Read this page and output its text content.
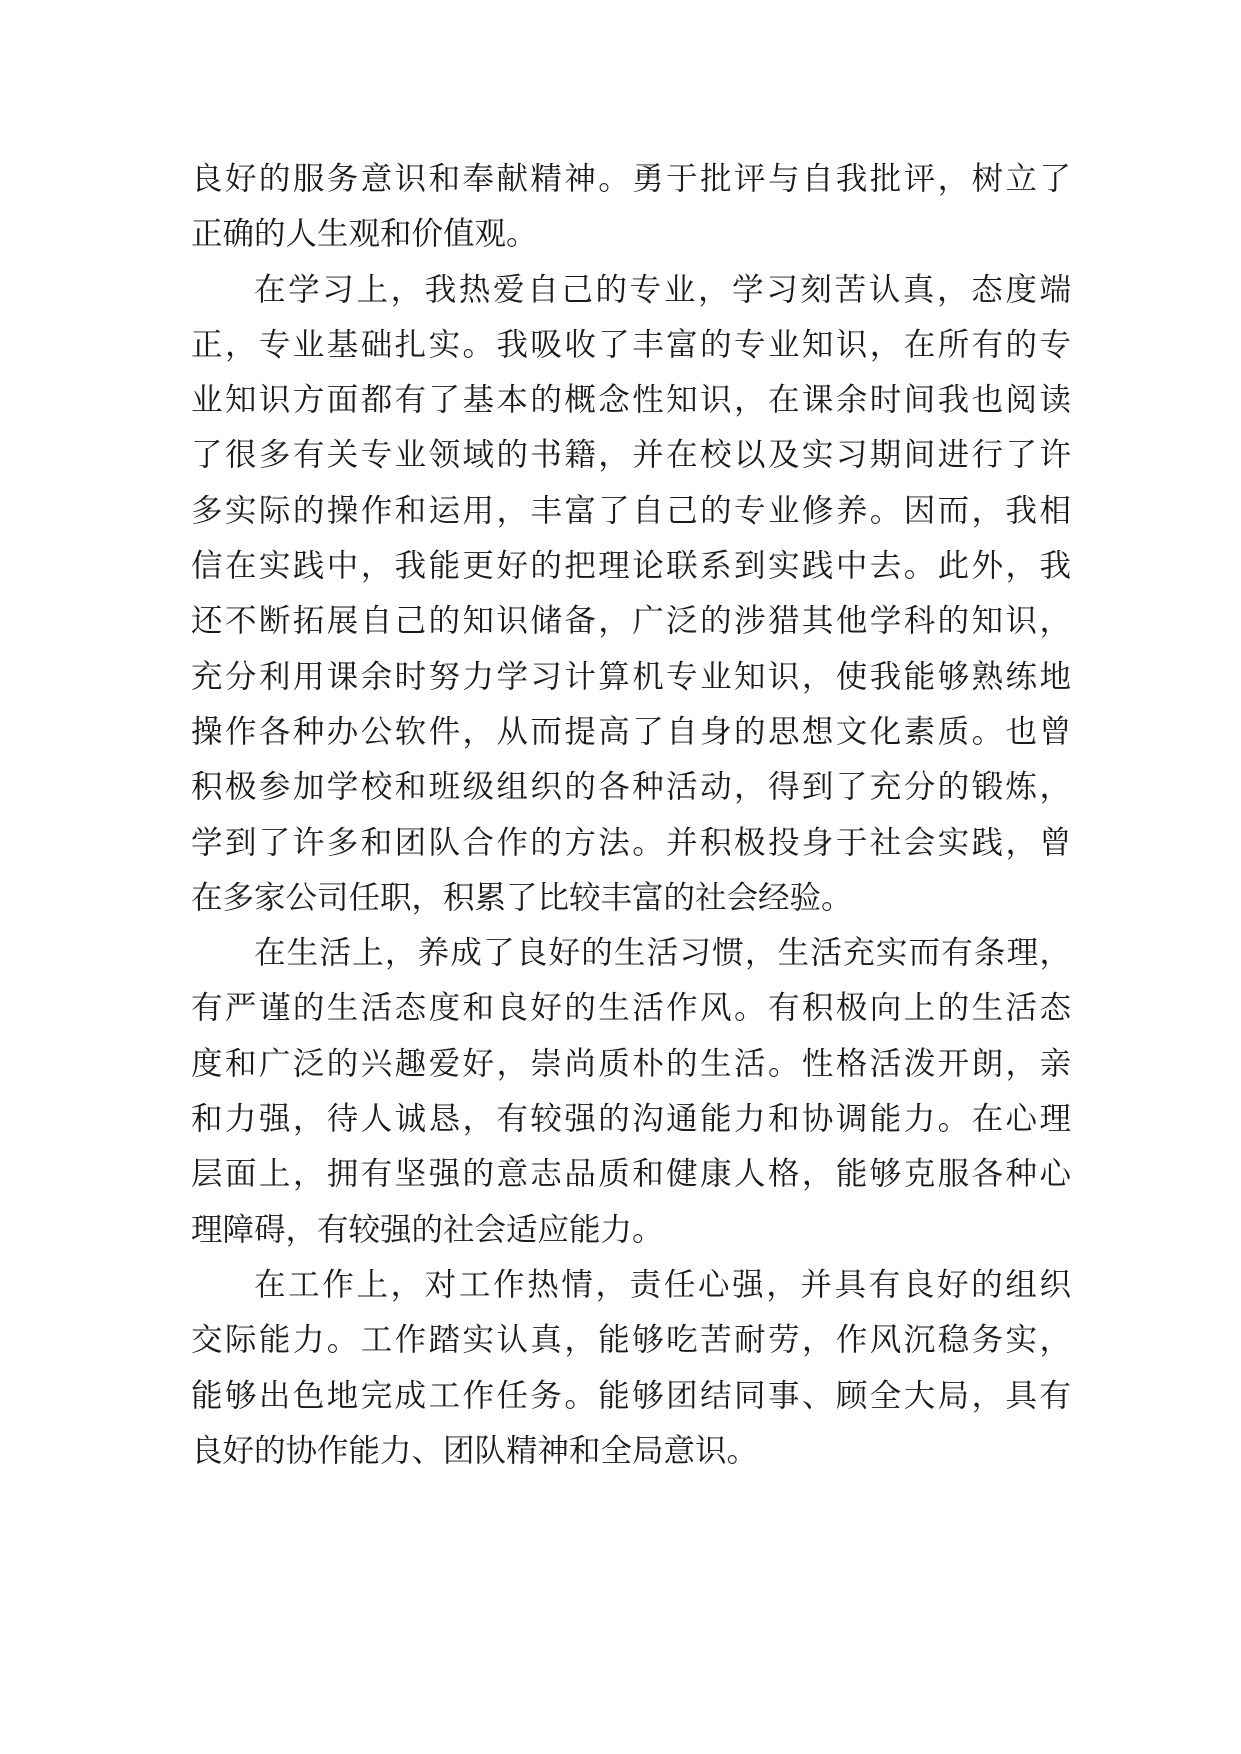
良好的服务意识和奉献精神。勇于批评与自我批评，树立了
正确的人生观和价值观。
在学习上，我热爱自己的专业，学习刻苦认真，态度端
正，专业基础扎实。我吸收了丰富的专业知识，在所有的专
业知识方面都有了基本的概念性知识，在课余时间我也阅读
了很多有关专业领域的书籍，并在校以及实习期间进行了许
多实际的操作和运用，丰富了自己的专业修养。因而，我相
信在实践中，我能更好的把理论联系到实践中去。此外，我
还不断拓展自己的知识储备，广泛的涉猎其他学科的知识，
充分利用课余时努力学习计算机专业知识，使我能够熟练地
操作各种办公软件，从而提高了自身的思想文化素质。也曾
积极参加学校和班级组织的各种活动，得到了充分的锻炼，
学到了许多和团队合作的方法。并积极投身于社会实践，曾
在多家公司任职，积累了比较丰富的社会经验。
在生活上，养成了良好的生活习惯，生活充实而有条理，
有严谨的生活态度和良好的生活作风。有积极向上的生活态
度和广泛的兴趣爱好，崇尚质朴的生活。性格活泼开朗，亲
和力强，待人诚恳，有较强的沟通能力和协调能力。在心理
层面上，拥有坚强的意志品质和健康人格，能够克服各种心
理障碍，有较强的社会适应能力。
在工作上，对工作热情，责任心强，并具有良好的组织
交际能力。工作踏实认真，能够吃苦耐劳，作风沉稳务实，
能够出色地完成工作任务。能够团结同事、顾全大局，具有
良好的协作能力、团队精神和全局意识。
